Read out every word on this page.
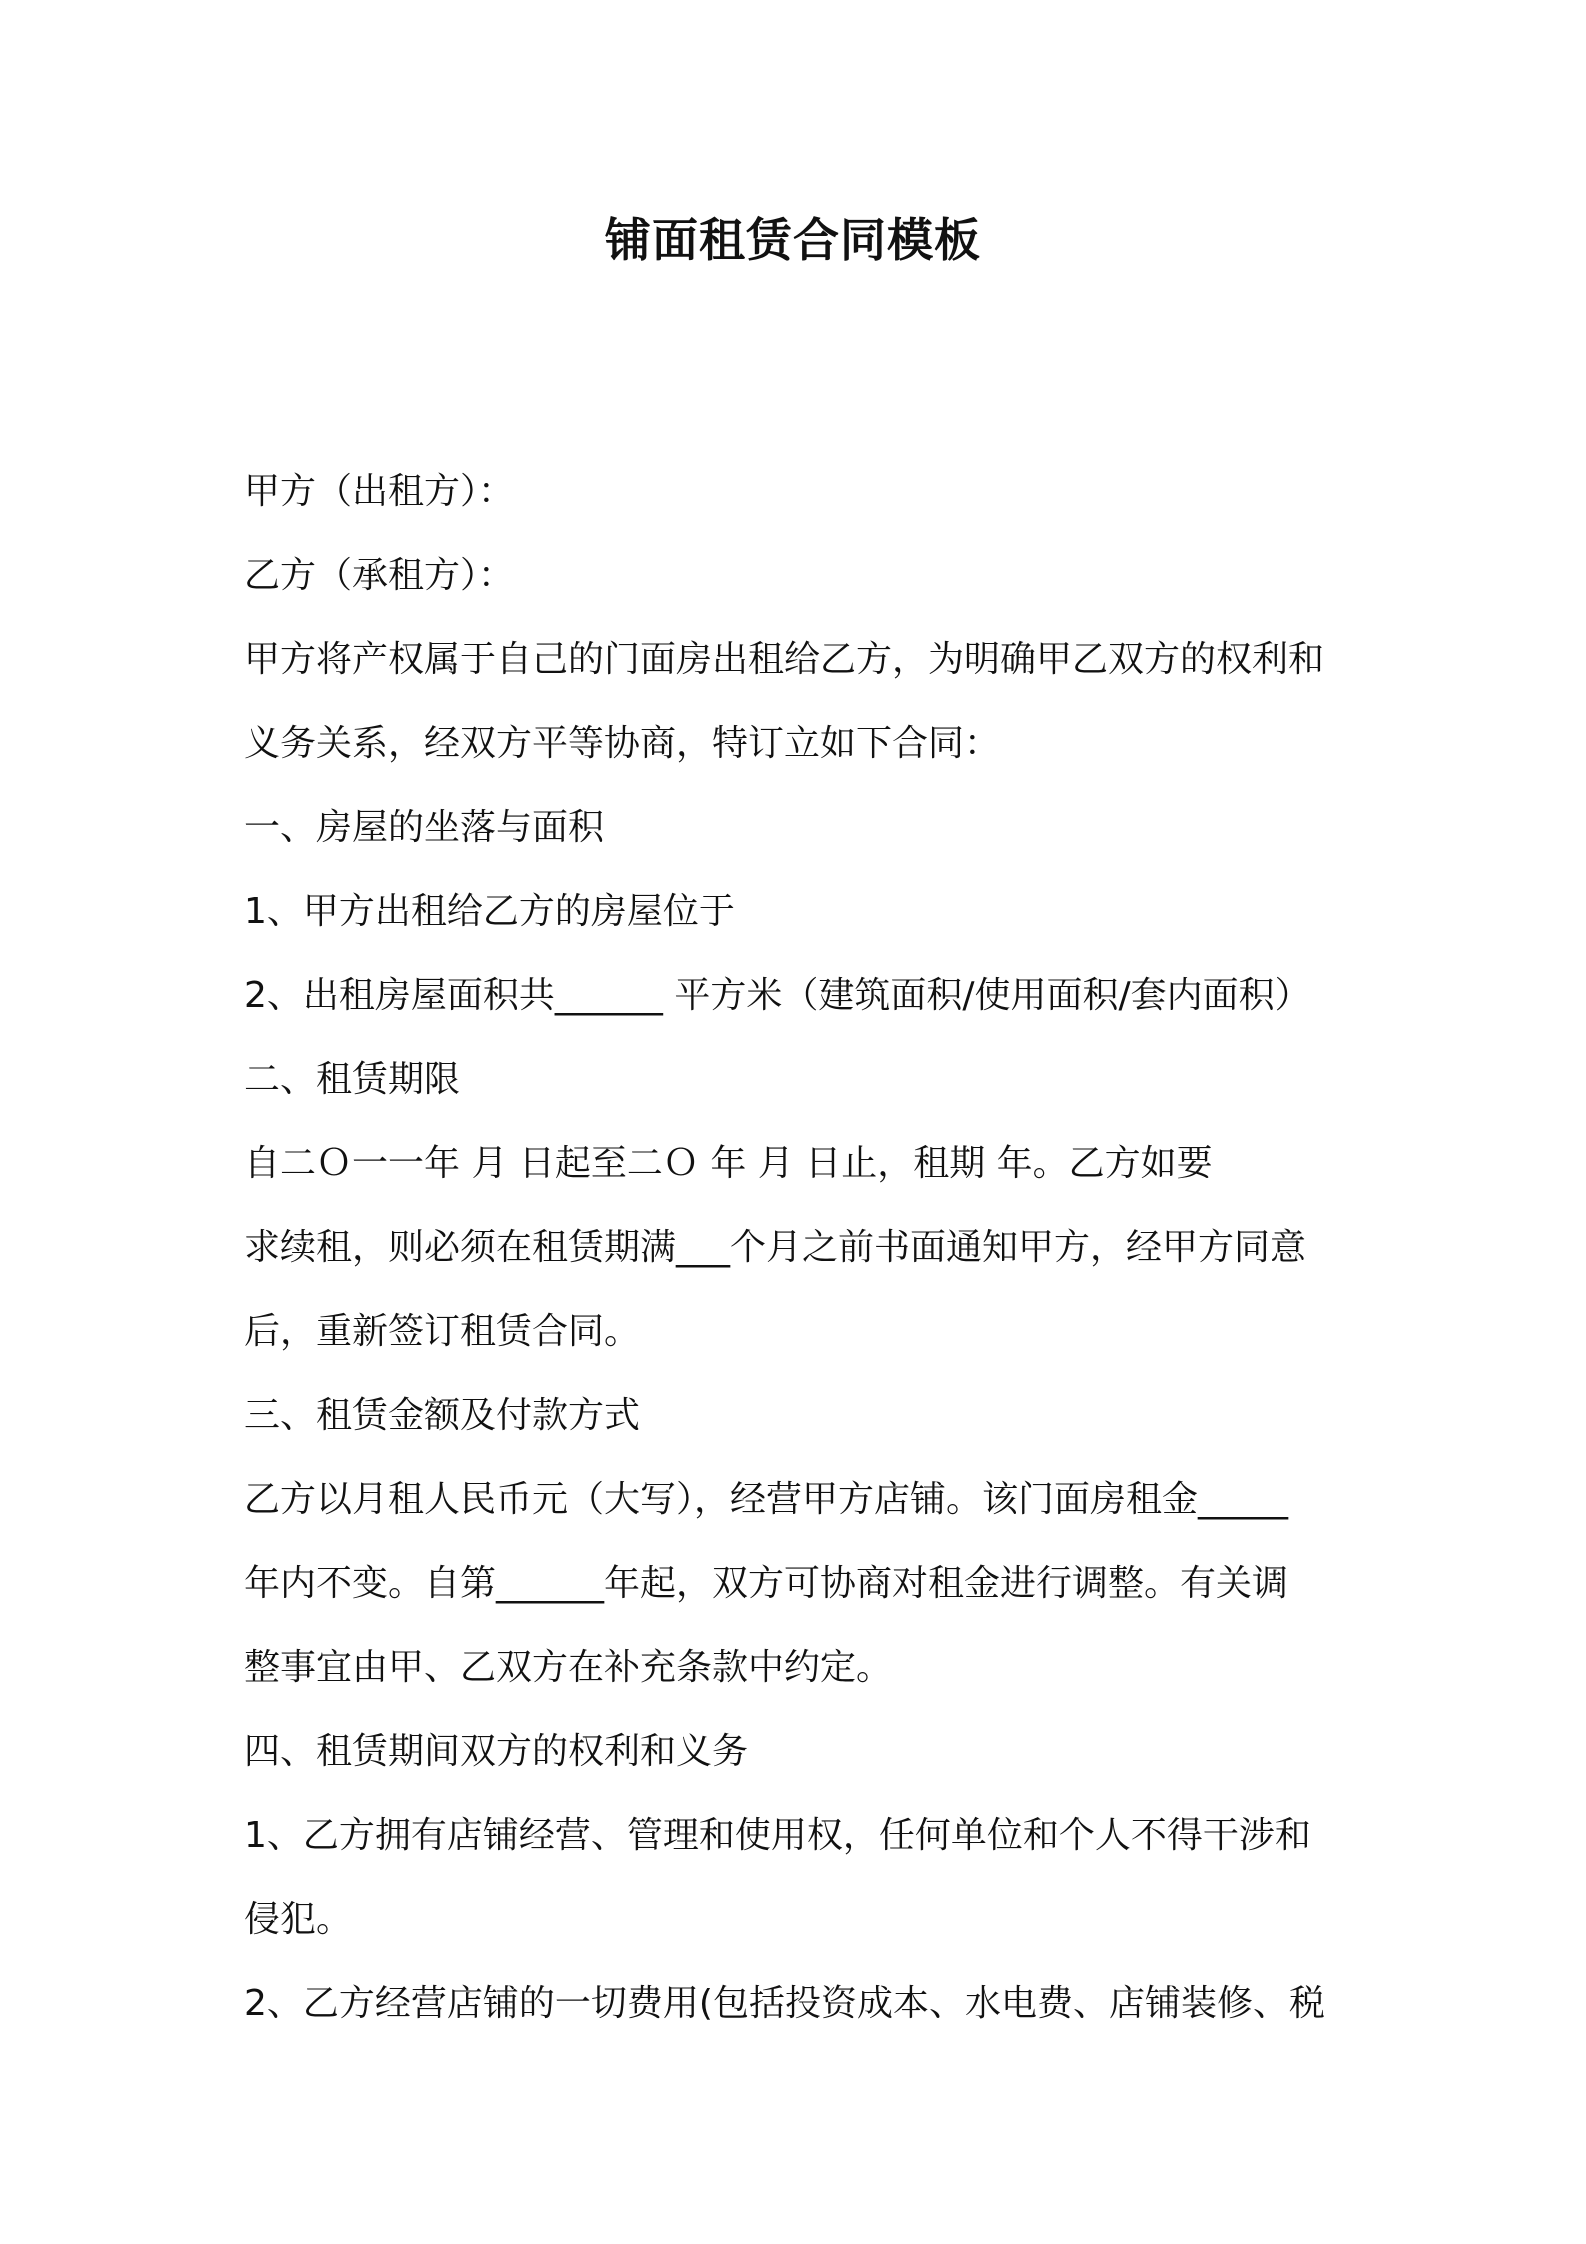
铺面租赁合同模板

甲方（出租方）：

乙方（承租方）：

甲方将产权属于自己的门面房出租给乙方，为明确甲乙双方的权利和

义务关系，经双方平等协商，特订立如下合同：

一、房屋的坐落与面积

1、甲方出租给乙方的房屋位于

2、出租房屋面积共______ 平方米（建筑面积/使用面积/套内面积）

二、租赁期限

自二Ｏ一一年 月 日起至二Ｏ 年 月 日止，租期 年。乙方如要

求续租，则必须在租赁期满___个月之前书面通知甲方，经甲方同意

后，重新签订租赁合同。

三、租赁金额及付款方式

乙方以月租人民币元（大写），经营甲方店铺。该门面房租金_____

年内不变。自第______年起，双方可协商对租金进行调整。有关调

整事宜由甲、乙双方在补充条款中约定。

四、租赁期间双方的权利和义务

1、乙方拥有店铺经营、管理和使用权，任何单位和个人不得干涉和

侵犯。

2、乙方经营店铺的一切费用(包括投资成本、水电费、店铺装修、税
